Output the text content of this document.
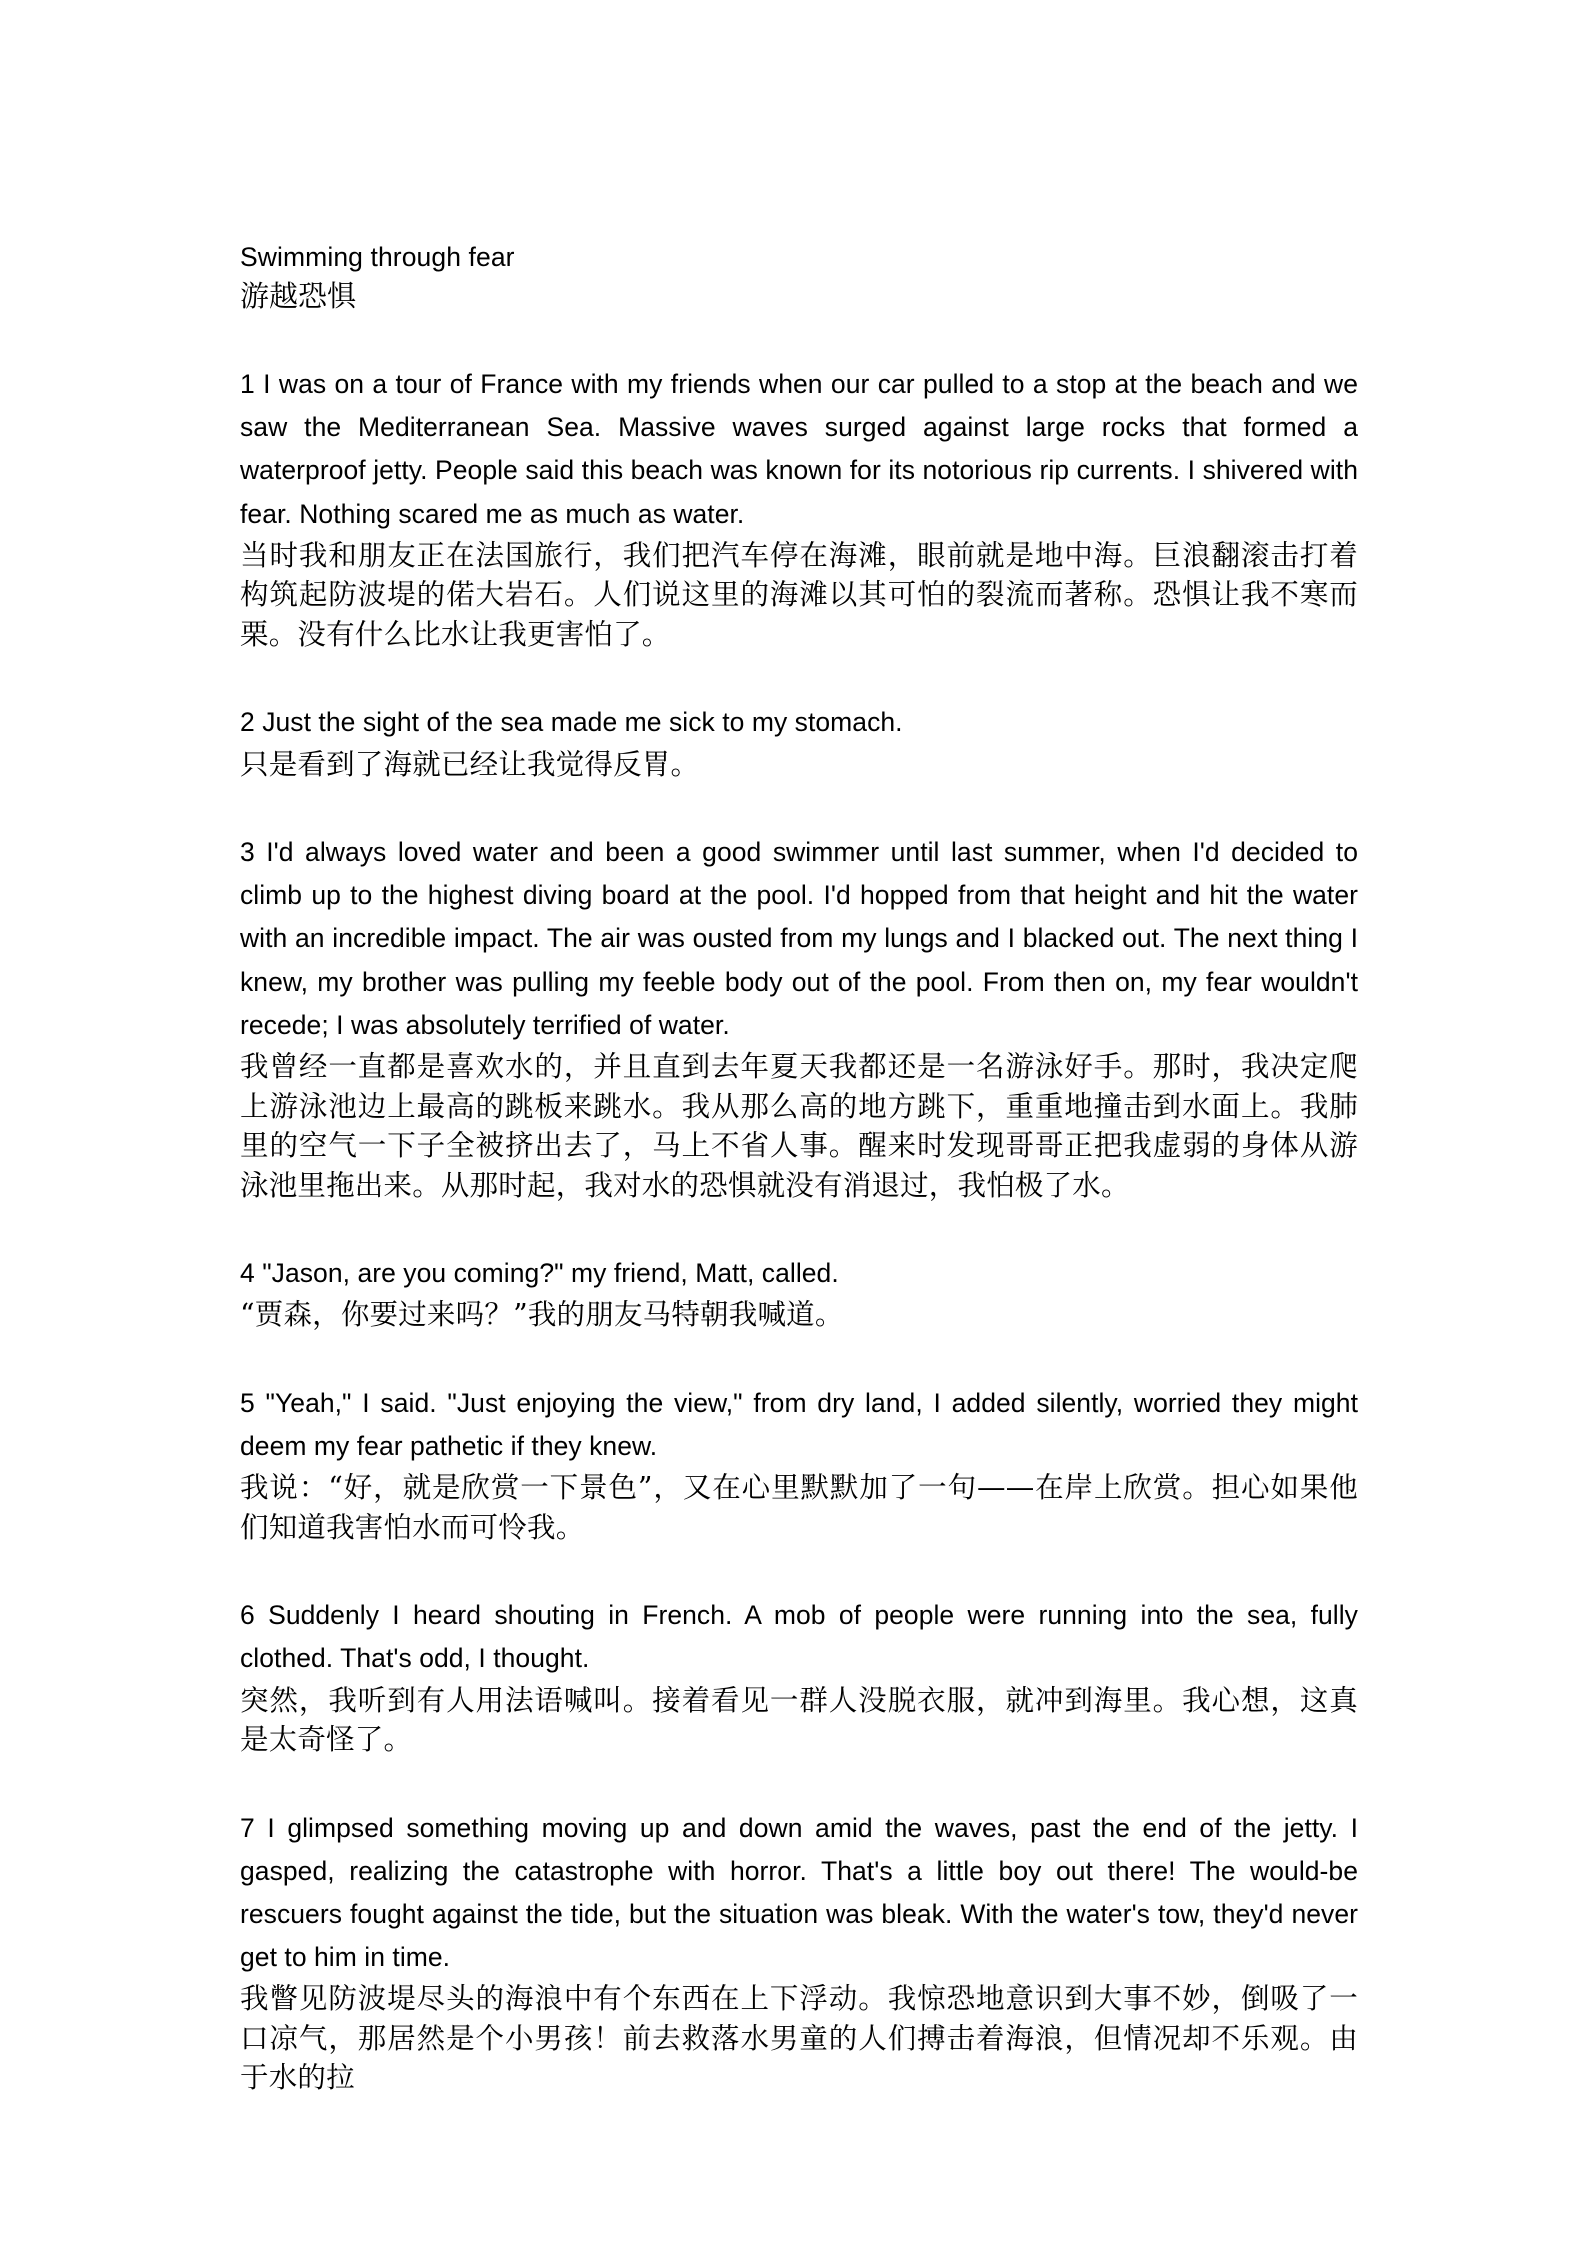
Swimming through fear
游越恐惧

1 I was on a tour of France with my friends when our car pulled to a stop at the beach and we saw the Mediterranean Sea. Massive waves surged against large rocks that formed a waterproof jetty. People said this beach was known for its notorious rip currents. I shivered with fear. Nothing scared me as much as water.

当时我和朋友正在法国旅行，我们把汽车停在海滩，眼前就是地中海。巨浪翻滚击打着构筑起防波堤的偌大岩石。人们说这里的海滩以其可怕的裂流而著称。恐惧让我不寒而栗。没有什么比水让我更害怕了。

2 Just the sight of the sea made me sick to my stomach.

只是看到了海就已经让我觉得反胃。

3 I'd always loved water and been a good swimmer until last summer, when I'd decided to climb up to the highest diving board at the pool. I'd hopped from that height and hit the water with an incredible impact. The air was ousted from my lungs and I blacked out. The next thing I knew, my brother was pulling my feeble body out of the pool. From then on, my fear wouldn't recede; I was absolutely terrified of water.

我曾经一直都是喜欢水的，并且直到去年夏天我都还是一名游泳好手。那时，我决定爬上游泳池边上最高的跳板来跳水。我从那么高的地方跳下，重重地撞击到水面上。我肺里的空气一下子全被挤出去了，马上不省人事。醒来时发现哥哥正把我虚弱的身体从游泳池里拖出来。从那时起，我对水的恐惧就没有消退过，我怕极了水。

4 "Jason, are you coming?" my friend, Matt, called.

“贾森，你要过来吗？”我的朋友马特朝我喊道。

5 "Yeah," I said. "Just enjoying the view," from dry land, I added silently, worried they might deem my fear pathetic if they knew.

我说：“好，就是欣赏一下景色”，又在心里默默加了一句——在岸上欣赏。担心如果他们知道我害怕水而可怜我。

6 Suddenly I heard shouting in French. A mob of people were running into the sea, fully clothed. That's odd, I thought.

突然，我听到有人用法语喊叫。接着看见一群人没脱衣服，就冲到海里。我心想，这真是太奇怪了。

7 I glimpsed something moving up and down amid the waves, past the end of the jetty. I gasped, realizing the catastrophe with horror. That's a little boy out there! The would-be rescuers fought against the tide, but the situation was bleak. With the water's tow, they'd never get to him in time.

我瞥见防波堤尽头的海浪中有个东西在上下浮动。我惊恐地意识到大事不妙，倒吸了一口凉气，那居然是个小男孩！前去救落水男童的人们搏击着海浪，但情况却不乐观。由于水的拉
